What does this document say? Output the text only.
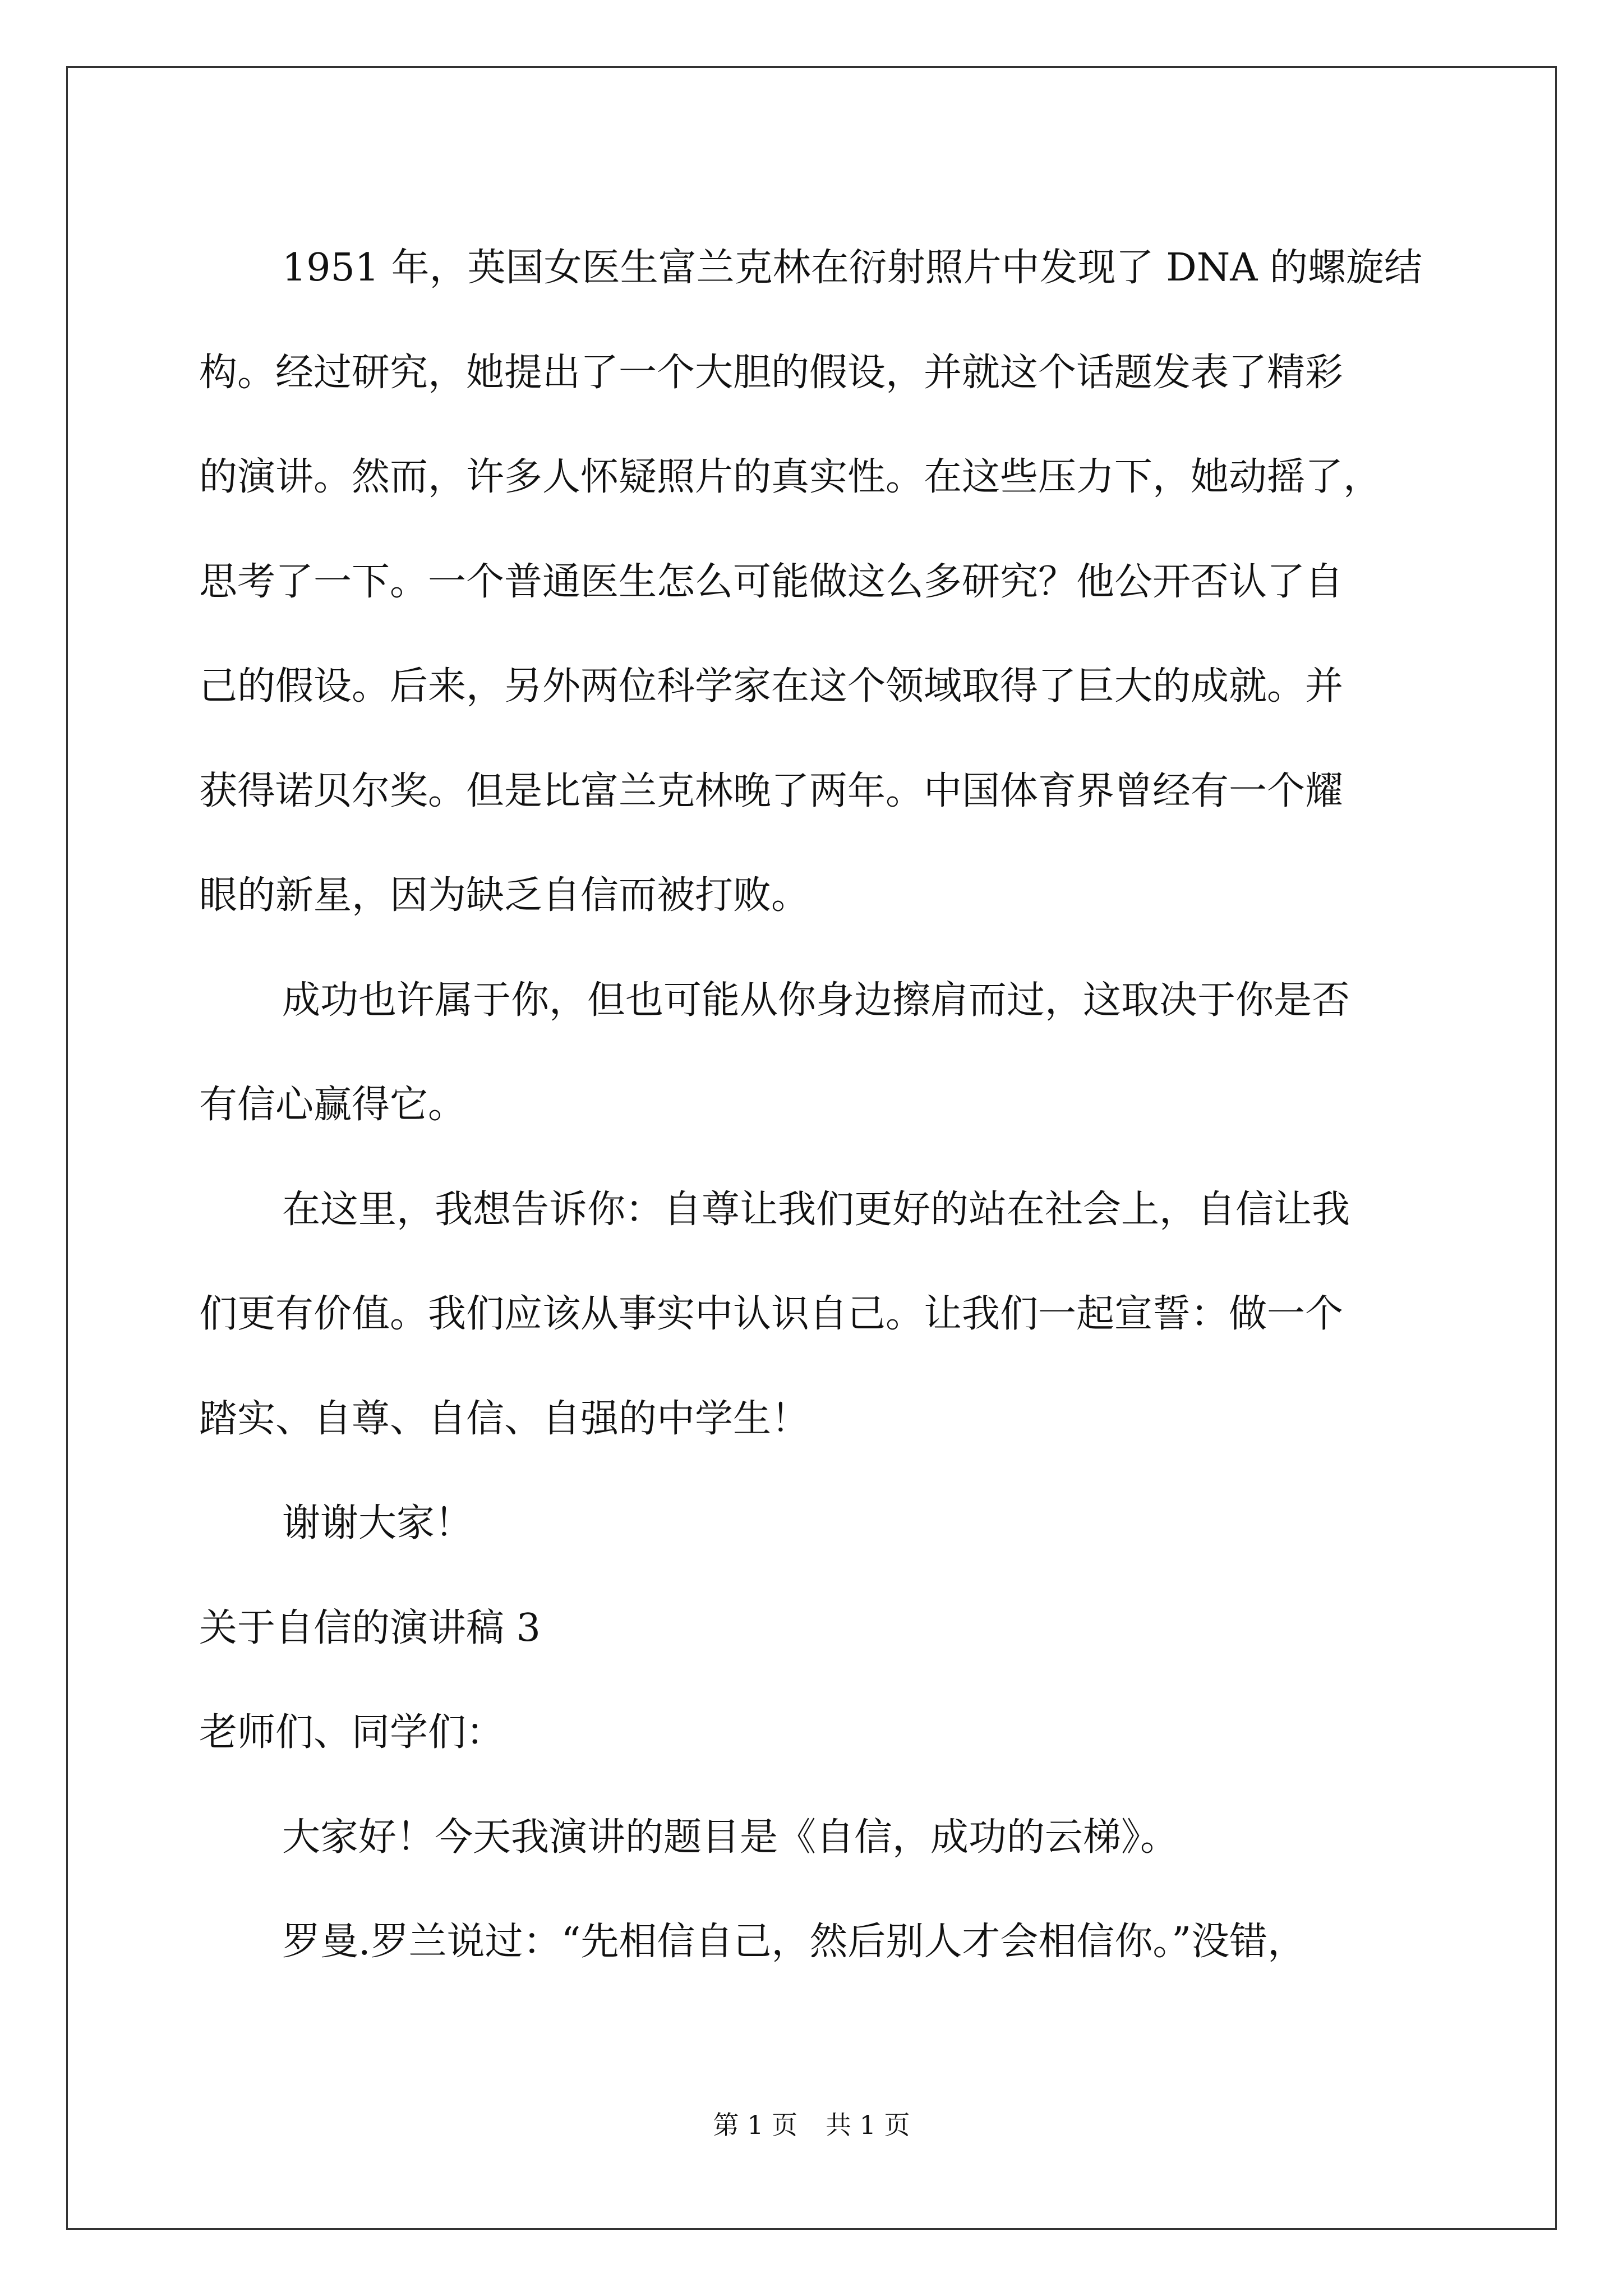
1951 年，英国女医生富兰克林在衍射照片中发现了 DNA 的螺旋结

构。经过研究，她提出了一个大胆的假设，并就这个话题发表了精彩

的演讲。然而，许多人怀疑照片的真实性。在这些压力下，她动摇了，

思考了一下。一个普通医生怎么可能做这么多研究？他公开否认了自

己的假设。后来，另外两位科学家在这个领域取得了巨大的成就。并

获得诺贝尔奖。但是比富兰克林晚了两年。中国体育界曾经有一个耀

眼的新星，因为缺乏自信而被打败。

成功也许属于你，但也可能从你身边擦肩而过，这取决于你是否

有信心赢得它。

在这里，我想告诉你：自尊让我们更好的站在社会上，自信让我

们更有价值。我们应该从事实中认识自己。让我们一起宣誓：做一个

踏实、自尊、自信、自强的中学生！

谢谢大家！

关于自信的演讲稿 3

老师们、同学们：

大家好！今天我演讲的题目是《自信，成功的云梯》。

罗曼.罗兰说过：“先相信自己，然后别人才会相信你。”没错，

第 1 页 共 1 页
